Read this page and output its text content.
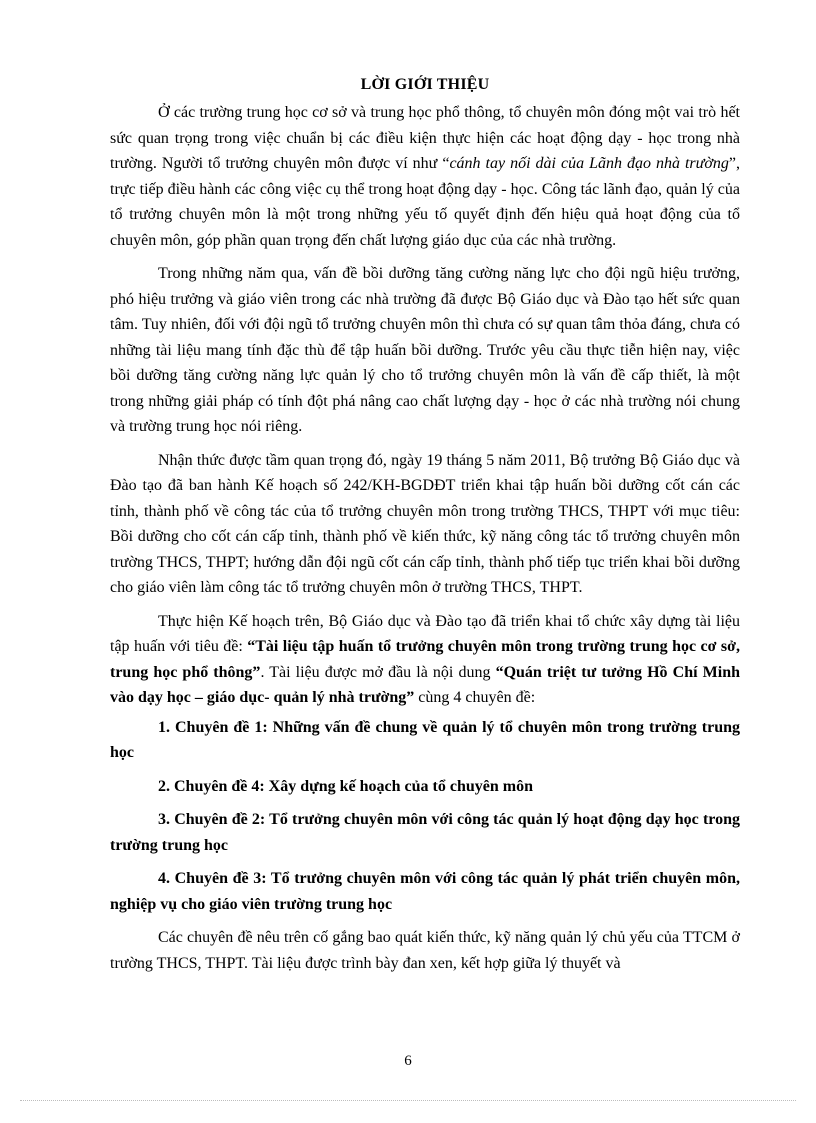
LỜI GIỚI THIỆU

Ở các trường trung học cơ sở và trung học phổ thông, tổ chuyên môn đóng một vai trò hết sức quan trọng trong việc chuẩn bị các điều kiện thực hiện các hoạt động dạy - học trong nhà trường. Người tổ trưởng chuyên môn được ví như “cánh tay nối dài của Lãnh đạo nhà trường”, trực tiếp điều hành các công việc cụ thể trong hoạt động dạy - học. Công tác lãnh đạo, quản lý của tổ trưởng chuyên môn là một trong những yếu tố quyết định đến hiệu quả hoạt động của tổ chuyên môn, góp phần quan trọng đến chất lượng giáo dục của các nhà trường.

Trong những năm qua, vấn đề bồi dưỡng tăng cường năng lực cho đội ngũ hiệu trưởng, phó hiệu trưởng và giáo viên trong các nhà trường đã được Bộ Giáo dục và Đào tạo hết sức quan tâm. Tuy nhiên, đối với đội ngũ tổ trưởng chuyên môn thì chưa có sự quan tâm thỏa đáng, chưa có những tài liệu mang tính đặc thù để tập huấn bồi dưỡng. Trước yêu cầu thực tiễn hiện nay, việc bồi dưỡng tăng cường năng lực quản lý cho tổ trưởng chuyên môn là vấn đề cấp thiết, là một trong những giải pháp có tính đột phá nâng cao chất lượng dạy - học ở các nhà trường nói chung và trường trung học nói riêng.

Nhận thức được tầm quan trọng đó, ngày 19 tháng 5 năm 2011, Bộ trưởng Bộ Giáo dục và Đào tạo đã ban hành Kế hoạch số 242/KH-BGDĐT triển khai tập huấn bồi dưỡng cốt cán các tỉnh, thành phố về công tác của tổ trưởng chuyên môn trong trường THCS, THPT với mục tiêu: Bồi dưỡng cho cốt cán cấp tỉnh, thành phố về kiến thức, kỹ năng công tác tổ trưởng chuyên môn trường THCS, THPT; hướng dẫn đội ngũ cốt cán cấp tỉnh, thành phố tiếp tục triển khai bồi dưỡng cho giáo viên làm công tác tổ trưởng chuyên môn ở trường THCS, THPT.

Thực hiện Kế hoạch trên, Bộ Giáo dục và Đào tạo đã triển khai tổ chức xây dựng tài liệu tập huấn với tiêu đề: “Tài liệu tập huấn tổ trưởng chuyên môn trong trường trung học cơ sở, trung học phổ thông”. Tài liệu được mở đầu là nội dung “Quán triệt tư tưởng Hồ Chí Minh vào dạy học – giáo dục- quản lý nhà trường” cùng 4 chuyên đề:

1. Chuyên đề 1: Những vấn đề chung về quản lý tổ chuyên môn trong trường trung học

2. Chuyên đề 4: Xây dựng kế hoạch của tổ chuyên môn

3. Chuyên đề 2: Tổ trưởng chuyên môn với công tác quản lý hoạt động dạy học trong trường trung học

4. Chuyên đề 3: Tổ trưởng chuyên môn với công tác quản lý phát triển chuyên môn, nghiệp vụ cho giáo viên trường trung học

Các chuyên đề nêu trên cố gắng bao quát kiến thức, kỹ năng quản lý chủ yếu của TTCM ở trường THCS, THPT. Tài liệu được trình bày đan xen, kết hợp giữa lý thuyết và

6
